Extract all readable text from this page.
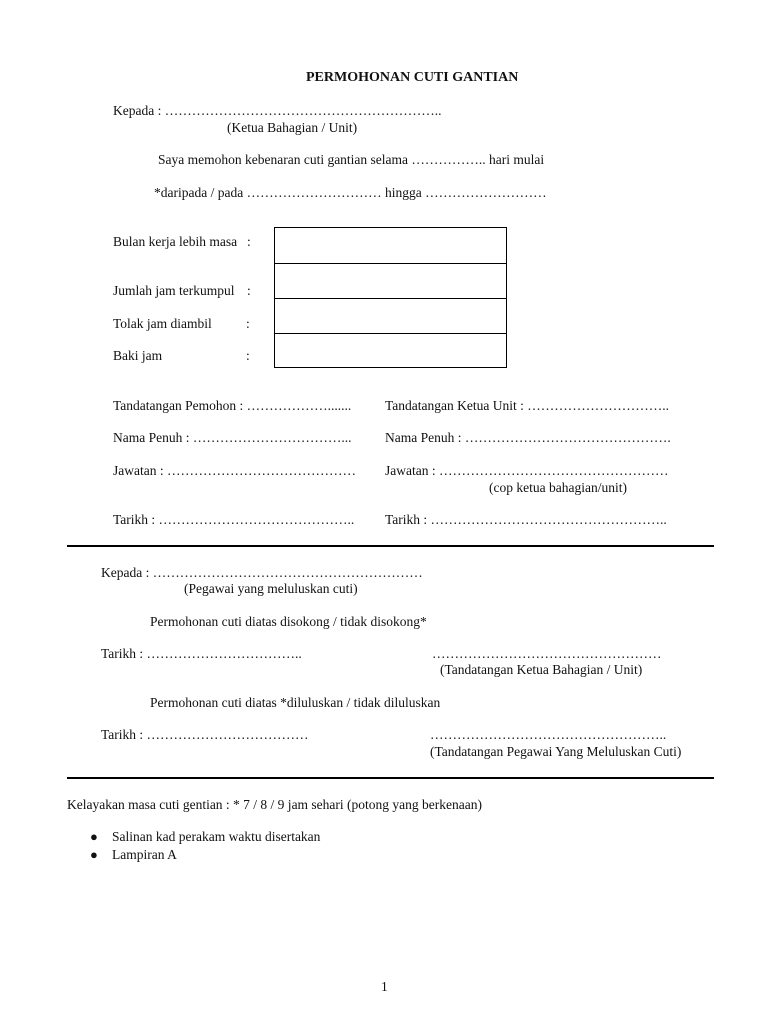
PERMOHONAN CUTI GANTIAN
Kepada : ……………………………………………………..
(Ketua Bahagian / Unit)
Saya memohon kebenaran cuti gantian selama …………….. hari mulai
*daripada / pada ………………………… hingga ………………………
Bulan kerja lebih masa :
Jumlah jam terkumpul :
Tolak jam diambil	:
Baki jam	:
Tandatangan Pemohon : ………………....... Tandatangan Ketua Unit : …………………………..
Nama Penuh : ……………………………... Nama Penuh : ……………………………………….
Jawatan : …………………………………… Jawatan : ……………………………………………
(cop ketua bahagian/unit)
Tarikh : …………………………………….. Tarikh : ……………………………………………..
Kepada : ……………………………………………………
(Pegawai yang meluluskan cuti)
Permohonan cuti diatas disokong / tidak disokong*
Tarikh : ……………………………..	……………………………………………
(Tandatangan Ketua Bahagian / Unit)
Permohonan cuti diatas *diluluskan / tidak diluluskan
Tarikh : ………………………………	……………………………………………..
(Tandatangan Pegawai Yang Meluluskan Cuti)
Kelayakan masa cuti gentian : * 7 / 8 / 9 jam sehari (potong yang berkenaan)
● Salinan kad perakam waktu disertakan
● Lampiran A
1
